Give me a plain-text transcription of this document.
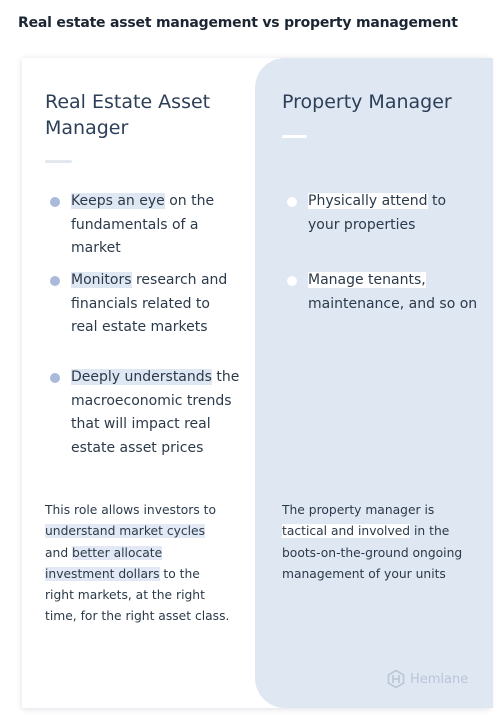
Real estate asset management vs property management
Real Estate Asset
Manager
Keeps an eye on the
fundamentals of a
market
Monitors research and
financials related to
real estate markets
Deeply understands the
macroeconomic trends
that will impact real
estate asset prices
This role allows investors to
understand market cycles
and better allocate
investment dollars to the
right markets, at the right
time, for the right asset class.
Property Manager
Physically attend to
your properties
Manage tenants,
maintenance, and so on
The property manager is
tactical and involved in the
boots-on-the-ground ongoing
management of your units
Hemlane
